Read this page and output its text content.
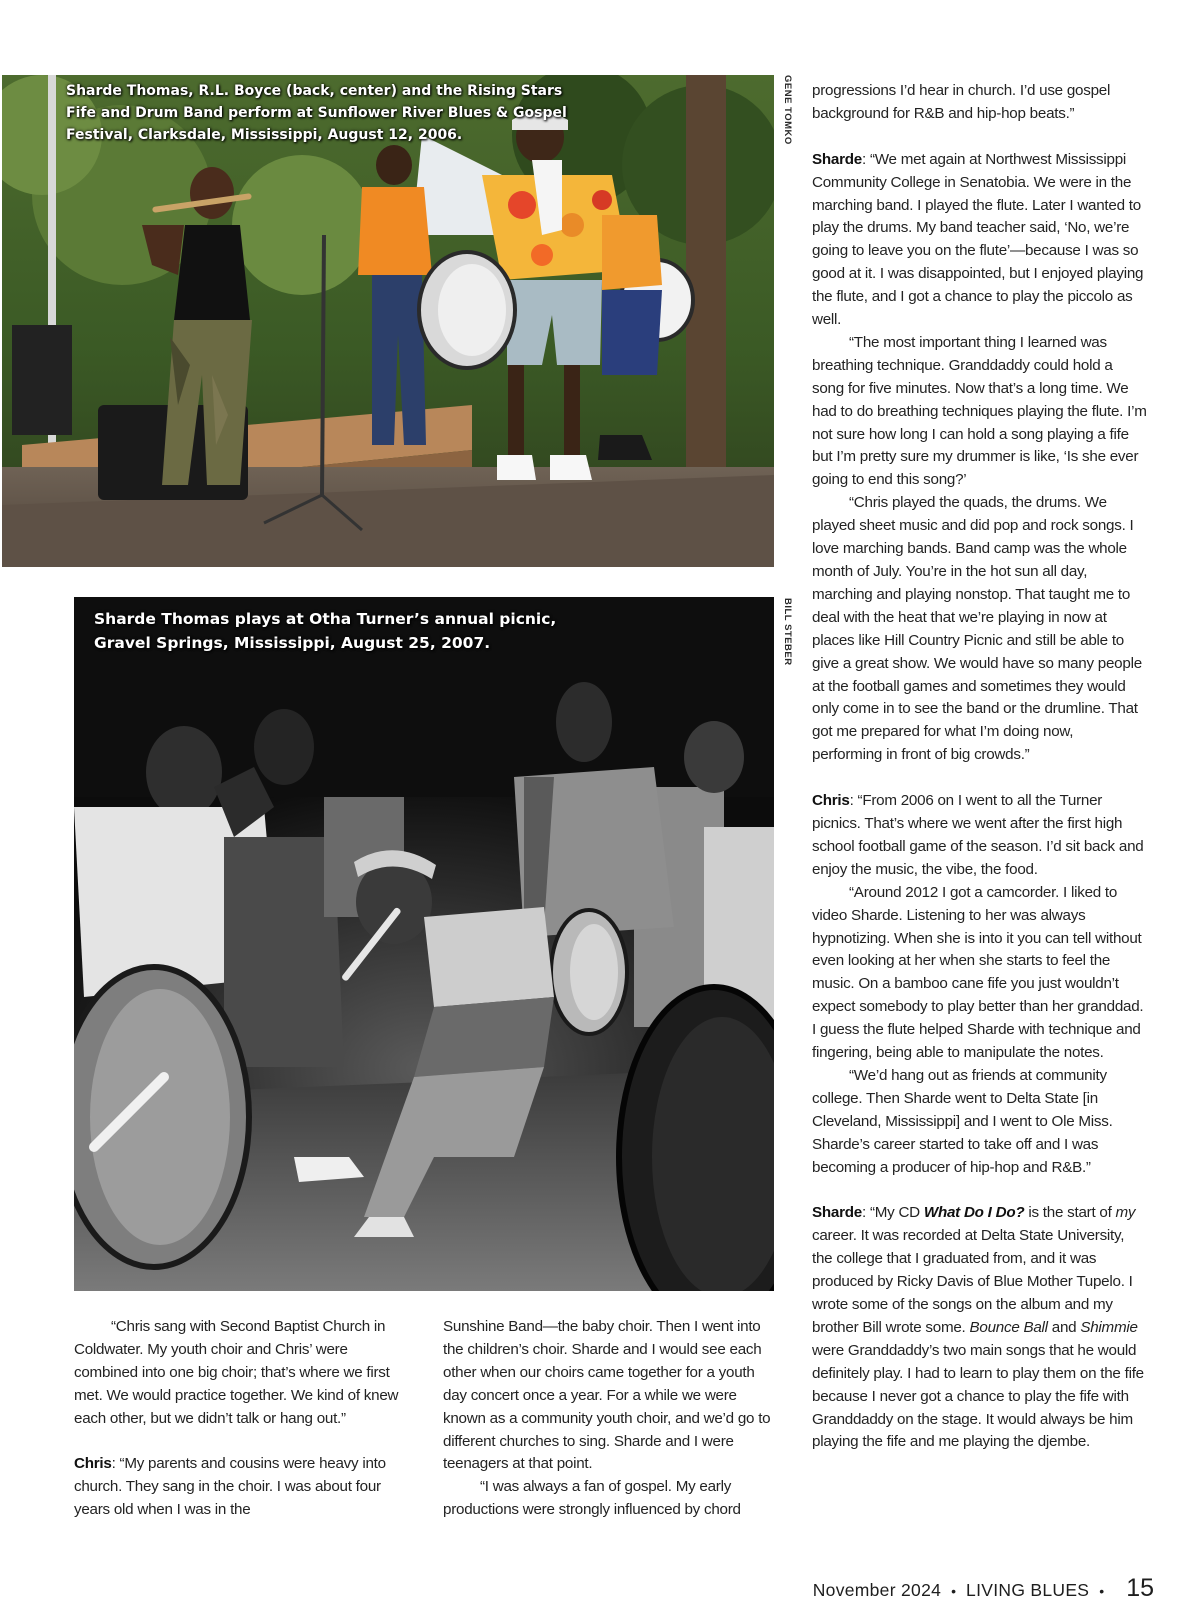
Sharde Thomas, R.L. Boyce (back, center) and the Rising Stars Fife and Drum Band perform at Sunflower River Blues & Gospel Festival, Clarksdale, Mississippi, August 12, 2006.	GENE TOMKO
Sharde Thomas plays at Otha Turner’s annual picnic, Gravel Springs, Mississippi, August 25, 2007.	BILL STEBER

progressions I’d hear in church. I’d use gospel background for R&B and hip-hop beats.”

Sharde: “We met again at Northwest Mississippi Community College in Senatobia. We were in the marching band. I played the flute. Later I wanted to play the drums. My band teacher said, ‘No, we’re going to leave you on the flute’—because I was so good at it. I was disappointed, but I enjoyed playing the flute, and I got a chance to play the piccolo as well.

“The most important thing I learned was breathing technique. Granddaddy could hold a song for five minutes. Now that’s a long time. We had to do breathing techniques playing the flute. I’m not sure how long I can hold a song playing a fife but I’m pretty sure my drummer is like, ‘Is she ever going to end this song?’

“Chris played the quads, the drums. We played sheet music and did pop and rock songs. I love marching bands. Band camp was the whole month of July. You’re in the hot sun all day, marching and playing nonstop. That taught me to deal with the heat that we’re playing in now at places like Hill Country Picnic and still be able to give a great show. We would have so many people at the football games and sometimes they would only come in to see the band or the drumline. That got me prepared for what I’m doing now, performing in front of big crowds.”

Chris: “From 2006 on I went to all the Turner picnics. That’s where we went after the first high school football game of the season. I’d sit back and enjoy the music, the vibe, the food.

“Around 2012 I got a camcorder. I liked to video Sharde. Listening to her was always hypnotizing. When she is into it you can tell without even looking at her when she starts to feel the music. On a bamboo cane fife you just wouldn’t expect somebody to play better than her granddad. I guess the flute helped Sharde with technique and fingering, being able to manipulate the notes.

“We’d hang out as friends at community college. Then Sharde went to Delta State [in Cleveland, Mississippi] and I went to Ole Miss. Sharde’s career started to take off and I was becoming a producer of hip-hop and R&B.”

Sharde: “My CD What Do I Do? is the start of my career. It was recorded at Delta State University, the college that I graduated from, and it was produced by Ricky Davis of Blue Mother Tupelo. I wrote some of the songs on the album and my brother Bill wrote some. Bounce Ball and Shimmie were Granddaddy’s two main songs that he would definitely play. I had to learn to play them on the fife because I never got a chance to play the fife with Granddaddy on the stage. It would always be him playing the fife and me playing the djembe.

“Chris sang with Second Baptist Church in Coldwater. My youth choir and Chris’ were combined into one big choir; that’s where we first met. We would practice together. We kind of knew each other, but we didn’t talk or hang out.”

Chris: “My parents and cousins were heavy into church. They sang in the choir. I was about four years old when I was in the

Sunshine Band—the baby choir. Then I went into the children’s choir. Sharde and I would see each other when our choirs came together for a youth day concert once a year. For a while we were known as a community youth choir, and we’d go to different churches to sing. Sharde and I were teenagers at that point.

“I was always a fan of gospel. My early productions were strongly influenced by chord

November 2024 • LIVING BLUES • 15
